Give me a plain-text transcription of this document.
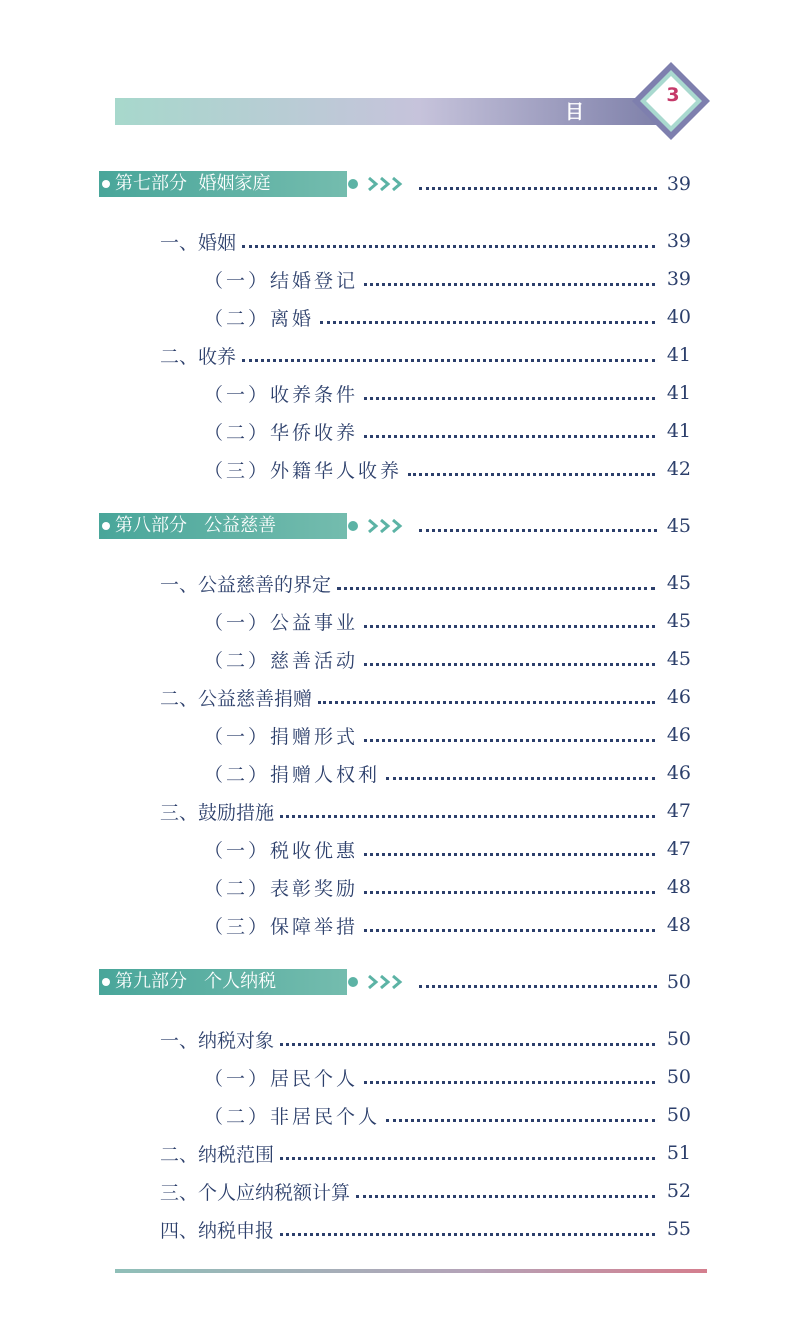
目 录
3
第七部分  婚姻家庭	39
一、婚姻	39
（一）结婚登记	39
（二）离婚	40
二、收养	41
（一）收养条件	41
（二）华侨收养	41
（三）外籍华人收养	42
第八部分   公益慈善	45
一、公益慈善的界定	45
（一）公益事业	45
（二）慈善活动	45
二、公益慈善捐赠	46
（一）捐赠形式	46
（二）捐赠人权利	46
三、鼓励措施	47
（一）税收优惠	47
（二）表彰奖励	48
（三）保障举措	48
第九部分   个人纳税	50
一、纳税对象	50
（一）居民个人	50
（二）非居民个人	50
二、纳税范围	51
三、个人应纳税额计算	52
四、纳税申报	55
